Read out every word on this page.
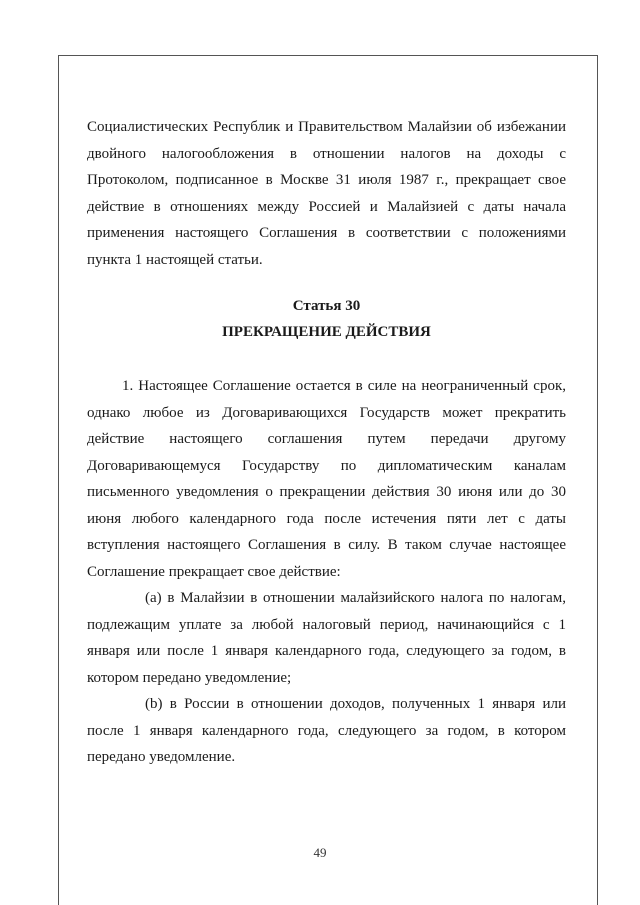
Социалистических Республик и Правительством Малайзии об избежании двойного налогообложения в отношении налогов на доходы с Протоколом, подписанное в Москве 31 июля 1987 г., прекращает свое действие в отношениях между Россией и Малайзией с даты начала применения настоящего Соглашения в соответствии с положениями пункта 1 настоящей статьи.

Статья 30
ПРЕКРАЩЕНИЕ ДЕЙСТВИЯ

1. Настоящее Соглашение остается в силе на неограниченный срок, однако любое из Договаривающихся Государств может прекратить действие настоящего соглашения путем передачи другому Договаривающемуся Государству по дипломатическим каналам письменного уведомления о прекращении действия 30 июня или до 30 июня любого календарного года после истечения пяти лет с даты вступления настоящего Соглашения в силу. В таком случае настоящее Соглашение прекращает свое действие:

(а) в Малайзии в отношении малайзийского налога по налогам, подлежащим уплате за любой налоговый период, начинающийся с 1 января или после 1 января календарного года, следующего за годом, в котором передано уведомление;

(b) в России в отношении доходов, полученных 1 января или после 1 января календарного года, следующего за годом, в котором передано уведомление.

49
